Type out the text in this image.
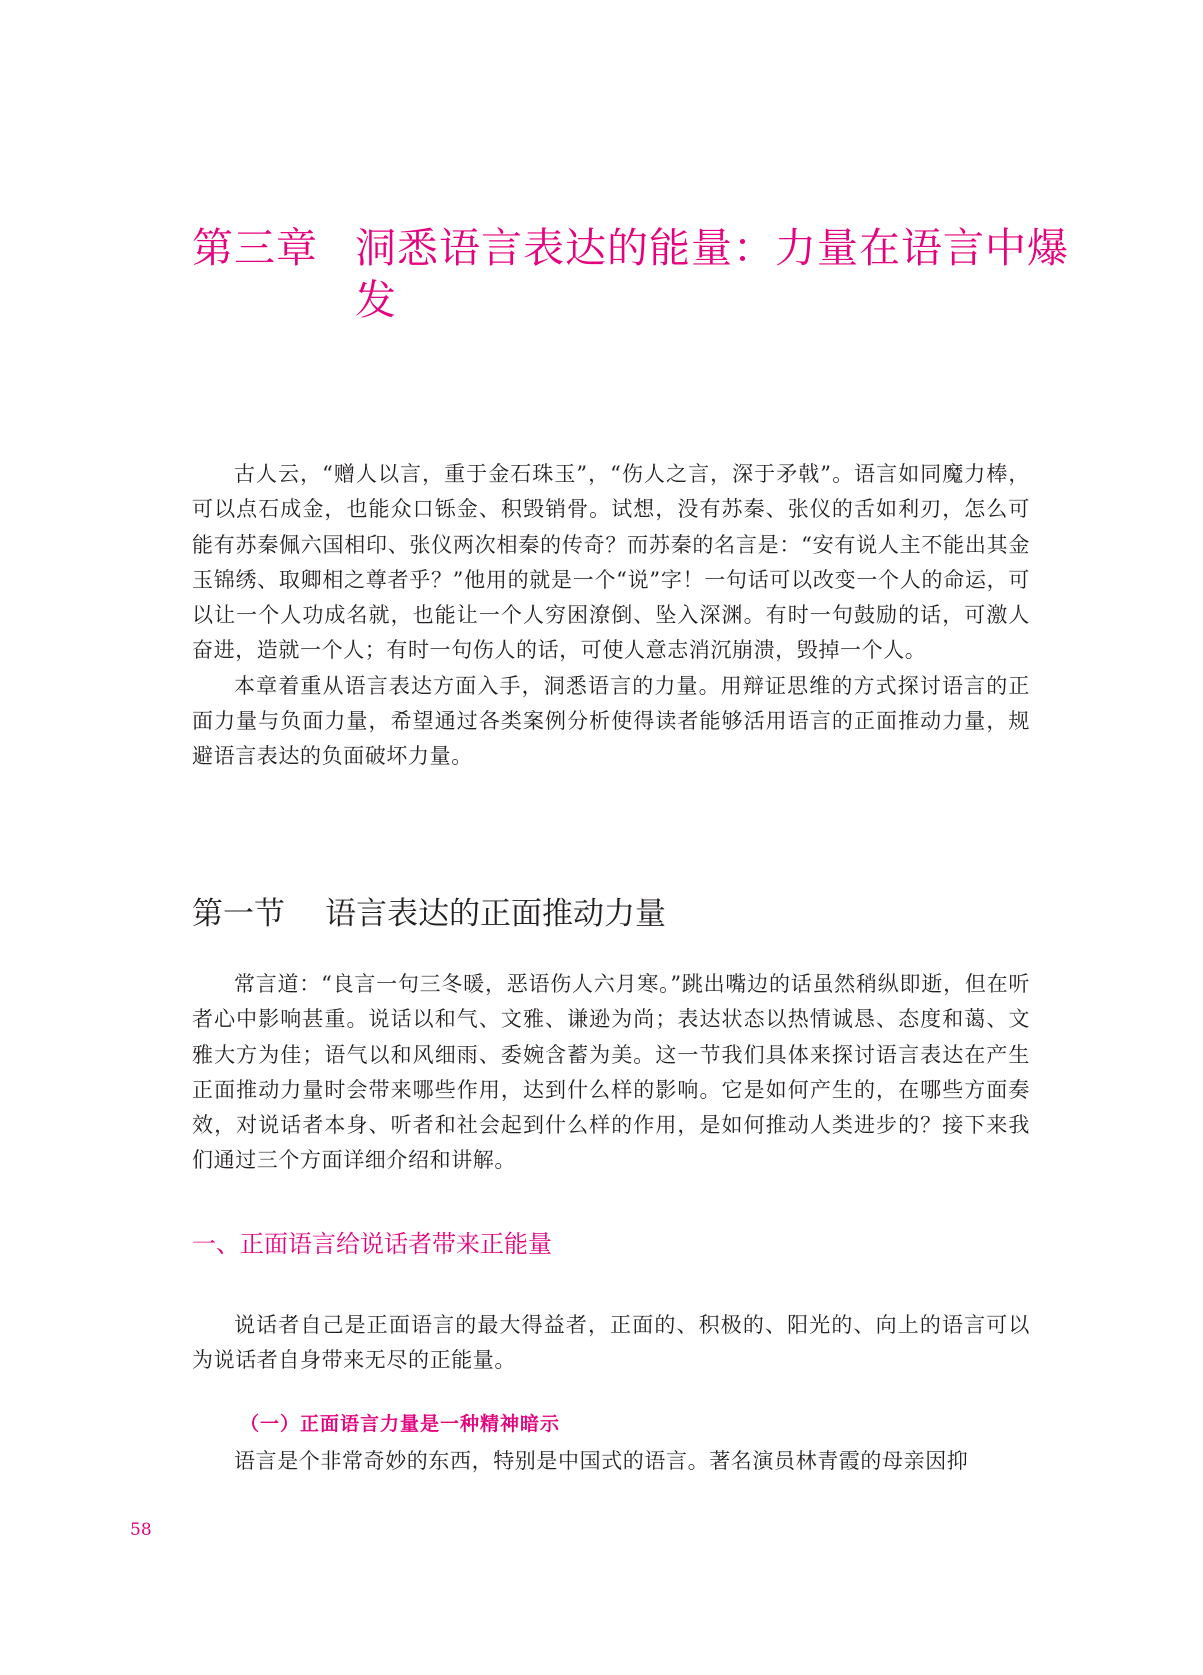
第三章 洞悉语言表达的能量：力量在语言中爆发

古人云，“赠人以言，重于金石珠玉”，“伤人之言，深于矛戟”。语言如同魔力棒，可以点石成金，也能众口铄金、积毁销骨。试想，没有苏秦、张仪的舌如利刃，怎么可能有苏秦佩六国相印、张仪两次相秦的传奇？而苏秦的名言是：“安有说人主不能出其金玉锦绣、取卿相之尊者乎？”他用的就是一个“说”字！一句话可以改变一个人的命运，可以让一个人功成名就，也能让一个人穷困潦倒、坠入深渊。有时一句鼓励的话，可激人奋进，造就一个人；有时一句伤人的话，可使人意志消沉崩溃，毁掉一个人。

本章着重从语言表达方面入手，洞悉语言的力量。用辩证思维的方式探讨语言的正面力量与负面力量，希望通过各类案例分析使得读者能够活用语言的正面推动力量，规避语言表达的负面破坏力量。

第一节	语言表达的正面推动力量

常言道：“良言一句三冬暖，恶语伤人六月寒。”跳出嘴边的话虽然稍纵即逝，但在听者心中影响甚重。说话以和气、文雅、谦逊为尚；表达状态以热情诚恳、态度和蔼、文雅大方为佳；语气以和风细雨、委婉含蓄为美。这一节我们具体来探讨语言表达在产生正面推动力量时会带来哪些作用，达到什么样的影响。它是如何产生的，在哪些方面奏效，对说话者本身、听者和社会起到什么样的作用，是如何推动人类进步的？接下来我们通过三个方面详细介绍和讲解。

一、正面语言给说话者带来正能量

说话者自己是正面语言的最大得益者，正面的、积极的、阳光的、向上的语言可以为说话者自身带来无尽的正能量。

（一）正面语言力量是一种精神暗示

语言是个非常奇妙的东西，特别是中国式的语言。著名演员林青霞的母亲因抑

58
